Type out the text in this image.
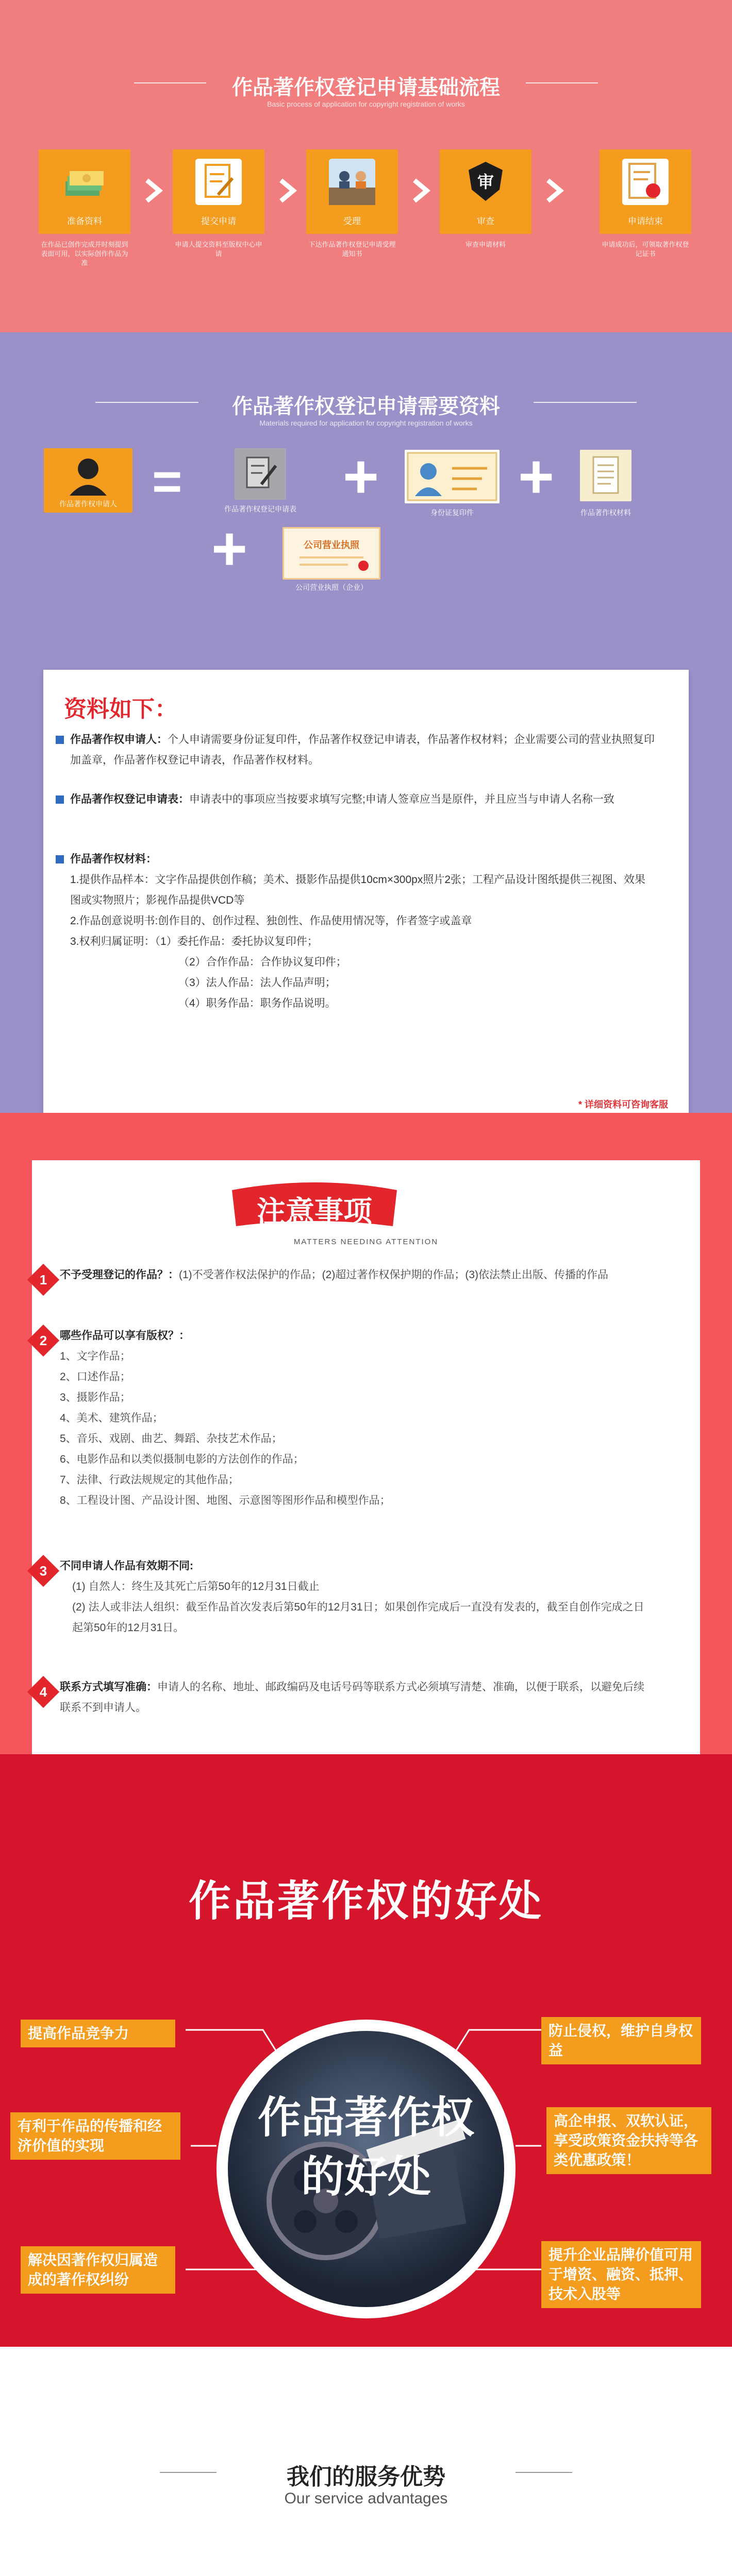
作品著作权登记申请基础流程
Basic process of application for copyright registration of works
准备资料
在作品已创作完成并时刻提到表面可用，以实际创作作品为准
提交申请
申请人提交资料至版权中心申请
受理
下达作品著作权登记申请受理通知书
审
审查
审查申请材料
申请结束
申请成功后，可领取著作权登记证书
作品著作权登记申请需要资料
Materials required for application for copyright registration of works
作品著作权申请人 =	作品著作权登记申请表 +
身份证复印件
+
作品著作权材料
+	公司营业执照
公司营业执照（企业）
资料如下：
作品著作权申请人：个人申请需要身份证复印件，作品著作权登记申请表，作品著作权材料；企业需要公司的营业执照复印加盖章，作品著作权登记申请表，作品著作权材料。
作品著作权登记申请表：申请表中的事项应当按要求填写完整;申请人签章应当是原件，并且应当与申请人名称一致
作品著作权材料：
1.提供作品样本：文字作品提供创作稿；美术、摄影作品提供10cm×300px照片2张；工程产品设计图纸提供三视图、效果图或实物照片；影视作品提供VCD等
2.作品创意说明书:创作目的、创作过程、独创性、作品使用情况等，作者签字或盖章
3.权利归属证明：（1）委托作品：委托协议复印件；
（2）合作作品：合作协议复印件；
（3）法人作品：法人作品声明；
（4）职务作品：职务作品说明。
* 详细资料可咨询客服
注意事项
MATTERS NEEDING ATTENTION
1	不予受理登记的作品？：(1)不受著作权法保护的作品；(2)超过著作权保护期的作品；(3)依法禁止出版、传播的作品
2	哪些作品可以享有版权？：
1、文字作品；
2、口述作品；
3、摄影作品；
4、美术、建筑作品；
5、音乐、戏剧、曲艺、舞蹈、杂技艺术作品；
6、电影作品和以类似摄制电影的方法创作的作品；
7、法律、行政法规规定的其他作品；
8、工程设计图、产品设计图、地图、示意图等图形作品和模型作品；
3	不同申请人作品有效期不同:
(1) 自然人：终生及其死亡后第50年的12月31日截止
(2) 法人或非法人组织：截至作品首次发表后第50年的12月31日；如果创作完成后一直没有发表的，截至自创作完成之日起第50年的12月31日。
4	联系方式填写准确：申请人的名称、地址、邮政编码及电话号码等联系方式必须填写清楚、准确，以便于联系，以避免后续联系不到申请人。
作品著作权的好处
作品著作权
的好处
提高作品竞争力
有利于作品的传播和经济价值的实现
解决因著作权归属造成的著作权纠纷
防止侵权，维护自身权益
高企申报、双软认证，享受政策资金扶持等各类优惠政策！
提升企业品牌价值可用于增资、融资、抵押、技术入股等
我们的服务优势
Our service advantages
